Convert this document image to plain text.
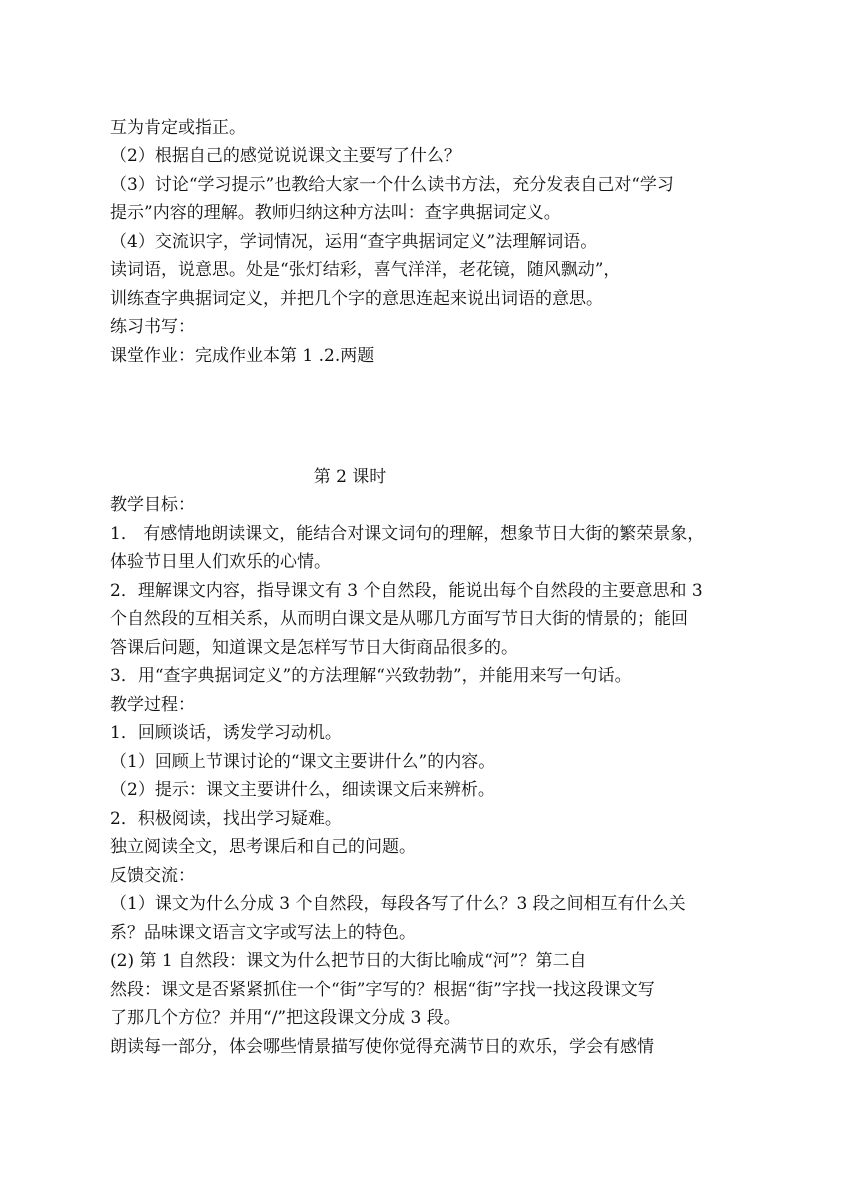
互为肯定或指正。
（2）根据自己的感觉说说课文主要写了什么？
（3）讨论“学习提示”也教给大家一个什么读书方法，充分发表自己对“学习
提示”内容的理解。教师归纳这种方法叫：查字典据词定义。
（4）交流识字，学词情况，运用“查字典据词定义”法理解词语。
读词语，说意思。处是“张灯结彩，喜气洋洋，老花镜，随风飘动”，
训练查字典据词定义，并把几个字的意思连起来说出词语的意思。
练习书写：
课堂作业：完成作业本第 1 .2.两题
第 2 课时
教学目标：
1． 有感情地朗读课文，能结合对课文词句的理解，想象节日大街的繁荣景象，
体验节日里人们欢乐的心情。
2．理解课文内容，指导课文有 3 个自然段，能说出每个自然段的主要意思和 3
个自然段的互相关系，从而明白课文是从哪几方面写节日大街的情景的；能回
答课后问题，知道课文是怎样写节日大街商品很多的。
3．用“查字典据词定义”的方法理解“兴致勃勃”，并能用来写一句话。
教学过程：
1．回顾谈话，诱发学习动机。
（1）回顾上节课讨论的“课文主要讲什么”的内容。
（2）提示：课文主要讲什么，细读课文后来辨析。
2．积极阅读，找出学习疑难。
独立阅读全文，思考课后和自己的问题。
反馈交流：
（1）课文为什么分成 3 个自然段，每段各写了什么？3 段之间相互有什么关
系？品味课文语言文字或写法上的特色。
(2) 第 1 自然段：课文为什么把节日的大街比喻成“河”？第二自
然段：课文是否紧紧抓住一个“街”字写的？根据“街”字找一找这段课文写
了那几个方位？并用“/”把这段课文分成 3 段。
朗读每一部分，体会哪些情景描写使你觉得充满节日的欢乐，学会有感情
